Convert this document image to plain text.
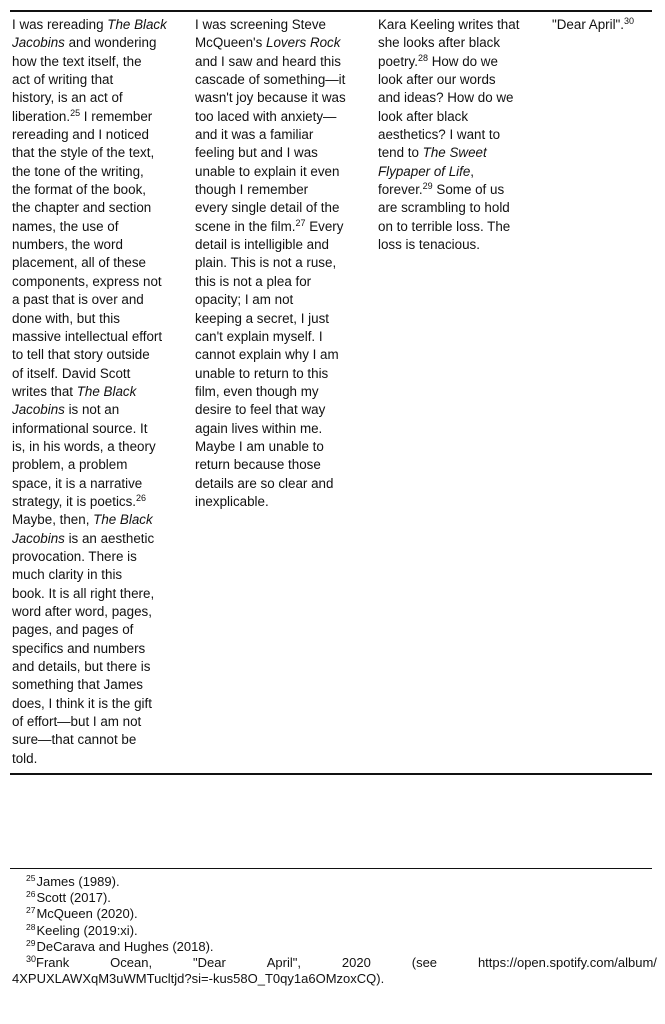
I was rereading The Black
Jacobins and wondering
how the text itself, the
act of writing that
history, is an act of
liberation.$^{25}$ I remember
rereading and I noticed
that the style of the text,
the tone of the writing,
the format of the book,
the chapter and section
names, the use of
numbers, the word
placement, all of these
components, express not
a past that is over and
done with, but this
massive intellectual effort
to tell that story outside
of itself. David Scott
writes that The Black
Jacobins is not an
informational source. It
is, in his words, a theory
problem, a problem
space, it is a narrative
strategy, it is poetics.$^{26}$
Maybe, then, The Black
Jacobins is an aesthetic
provocation. There is
much clarity in this
book. It is all right there,
word after word, pages,
pages, and pages of
specifics and numbers
and details, but there is
something that James
does, I think it is the gift
of effort—but I am not
sure—that cannot be
told.
I was screening Steve
McQueen's Lovers Rock
and I saw and heard this
cascade of something—it
wasn't joy because it was
too laced with anxiety—
and it was a familiar
feeling but and I was
unable to explain it even
though I remember
every single detail of the
scene in the film.$^{27}$ Every
detail is intelligible and
plain. This is not a ruse,
this is not a plea for
opacity; I am not
keeping a secret, I just
can't explain myself. I
cannot explain why I am
unable to return to this
film, even though my
desire to feel that way
again lives within me.
Maybe I am unable to
return because those
details are so clear and
inexplicable.
Kara Keeling writes that
she looks after black
poetry.$^{28}$ How do we
look after our words
and ideas? How do we
look after black
aesthetics? I want to
tend to The Sweet
Flypaper of Life,
forever.$^{29}$ Some of us
are scrambling to hold
on to terrible loss. The
loss is tenacious.
"Dear April".$^{30}$
$^{25}$James (1989).
$^{26}$Scott (2017).
$^{27}$McQueen (2020).
$^{28}$Keeling (2019:xi).
$^{29}$DeCarava and Hughes (2018).
$^{30}$Frank	Ocean,	"Dear	April",	2020	(see	https://open.spotify.com/album/
4XPUXLAWXqM3uWMTucltjd?si=-kus58O_T0qy1a6OMzoxCQ).
